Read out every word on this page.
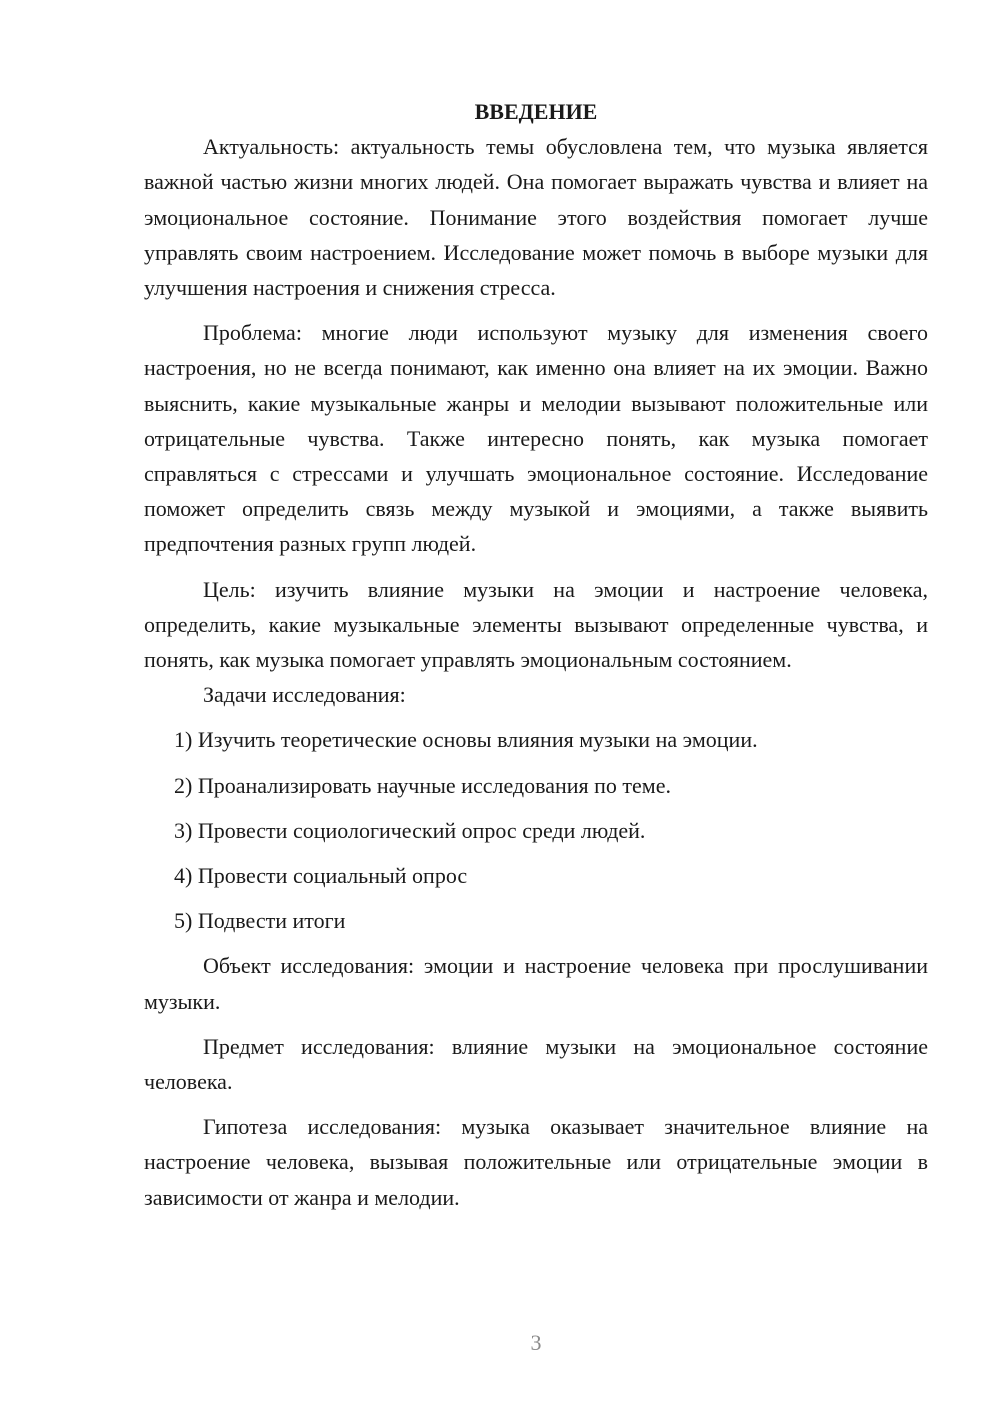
ВВЕДЕНИЕ

Актуальность: актуальность темы обусловлена тем, что музыка является важной частью жизни многих людей. Она помогает выражать чувства и влияет на эмоциональное состояние. Понимание этого воздействия помогает лучше управлять своим настроением. Исследование может помочь в выборе музыки для улучшения настроения и снижения стресса.

Проблема: многие люди используют музыку для изменения своего настроения, но не всегда понимают, как именно она влияет на их эмоции. Важно выяснить, какие музыкальные жанры и мелодии вызывают положительные или отрицательные чувства. Также интересно понять, как музыка помогает справляться с стрессами и улучшать эмоциональное состояние. Исследование поможет определить связь между музыкой и эмоциями, а также выявить предпочтения разных групп людей.

Цель: изучить влияние музыки на эмоции и настроение человека, определить, какие музыкальные элементы вызывают определенные чувства, и понять, как музыка помогает управлять эмоциональным состоянием.

Задачи исследования:

1) Изучить теоретические основы влияния музыки на эмоции.
2) Проанализировать научные исследования по теме.
3) Провести социологический опрос среди людей.
4) Провести социальный опрос
5) Подвести итоги

Объект исследования: эмоции и настроение человека при прослушивании музыки.

Предмет исследования: влияние музыки на эмоциональное состояние человека.

Гипотеза исследования: музыка оказывает значительное влияние на настроение человека, вызывая положительные или отрицательные эмоции в зависимости от жанра и мелодии.

3
